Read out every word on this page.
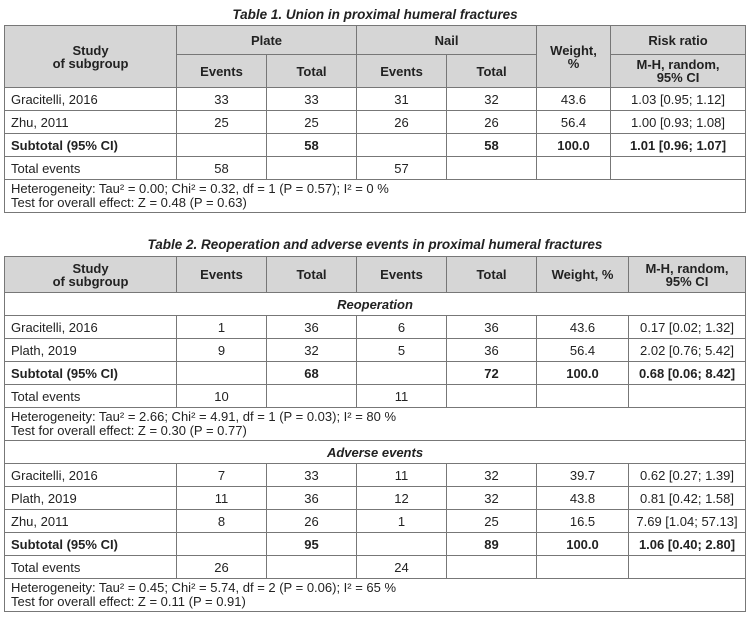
Table 1. Union in proximal humeral fractures
Study
of subgroup	Plate		Nail		Weight,
%	Risk ratio
	Events	Total	Events	Total		M-H, random,
95% CI
Gracitelli, 2016	33	33	31	32	43.6	1.03 [0.95; 1.12]
Zhu, 2011	25	25	26	26	56.4	1.00 [0.93; 1.08]
Subtotal (95% CI)		58		58	100.0	1.01 [0.96; 1.07]
Total events	58		57			

Heterogeneity: Tau² = 0.00; Chi² = 0.32, df = 1 (P = 0.57); I² = 0 %
Test for overall effect: Z = 0.48 (P = 0.63)						
Table 2. Reoperation and adverse events in proximal humeral fractures
Study
of subgroup	Events	Total	Events	Total	Weight, %	M-H, random,
95% CI
Reoperation						
Gracitelli, 2016	1	36	6	36	43.6	0.17 [0.02; 1.32]
Plath, 2019	9	32	5	36	56.4	2.02 [0.76; 5.42]
Subtotal (95% CI)		68		72	100.0	0.68 [0.06; 8.42]
Total events	10		11			

Heterogeneity: Tau² = 2.66; Chi² = 4.91, df = 1 (P = 0.03); I² = 80 %
Test for overall effect: Z = 0.30 (P = 0.77)						

Adverse events						
Gracitelli, 2016	7	33	11	32	39.7	0.62 [0.27; 1.39]
Plath, 2019	11	36	12	32	43.8	0.81 [0.42; 1.58]
Zhu, 2011	8	26	1	25	16.5	7.69 [1.04; 57.13]
Subtotal (95% CI)		95		89	100.0	1.06 [0.40; 2.80]
Total events	26		24			

Heterogeneity: Tau² = 0.45; Chi² = 5.74, df = 2 (P = 0.06); I² = 65 %
Test for overall effect: Z = 0.11 (P = 0.91)						
